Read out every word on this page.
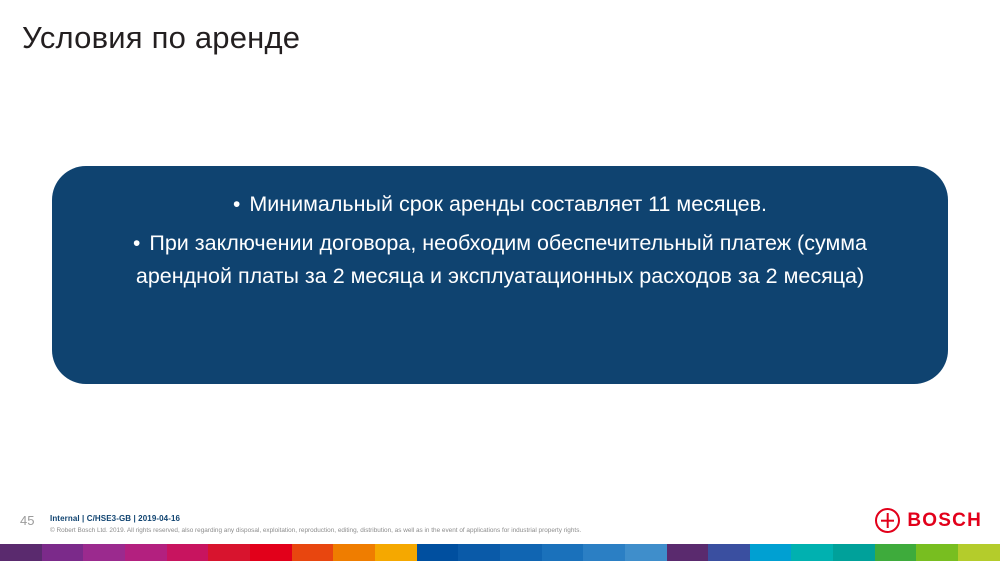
Условия по аренде
• Минимальный срок аренды составляет 11 месяцев.
• При заключении договора, необходим обеспечительный платеж (сумма арендной платы за 2 месяца и эксплуатационных расходов за 2 месяца)
45 Internal | C/HSE3-GB | 2019-04-16
© Robert Bosch Ltd. 2019. All rights reserved, also regarding any disposal, exploitation, reproduction, editing, distribution, as well as in the event of applications for industrial property rights.	BOSCH
